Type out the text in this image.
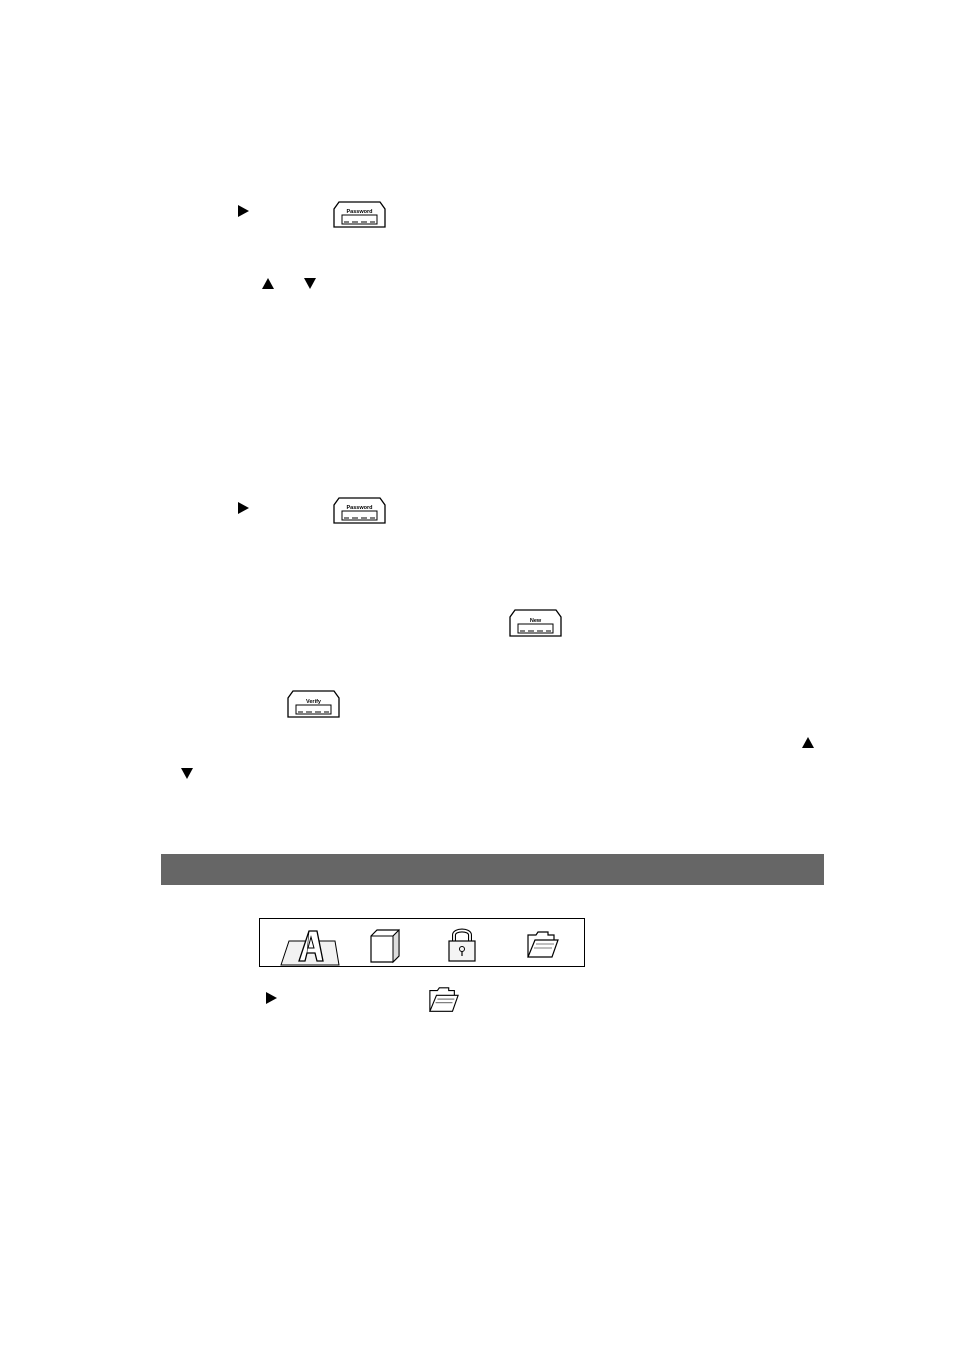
Password
Password
New
Verify
